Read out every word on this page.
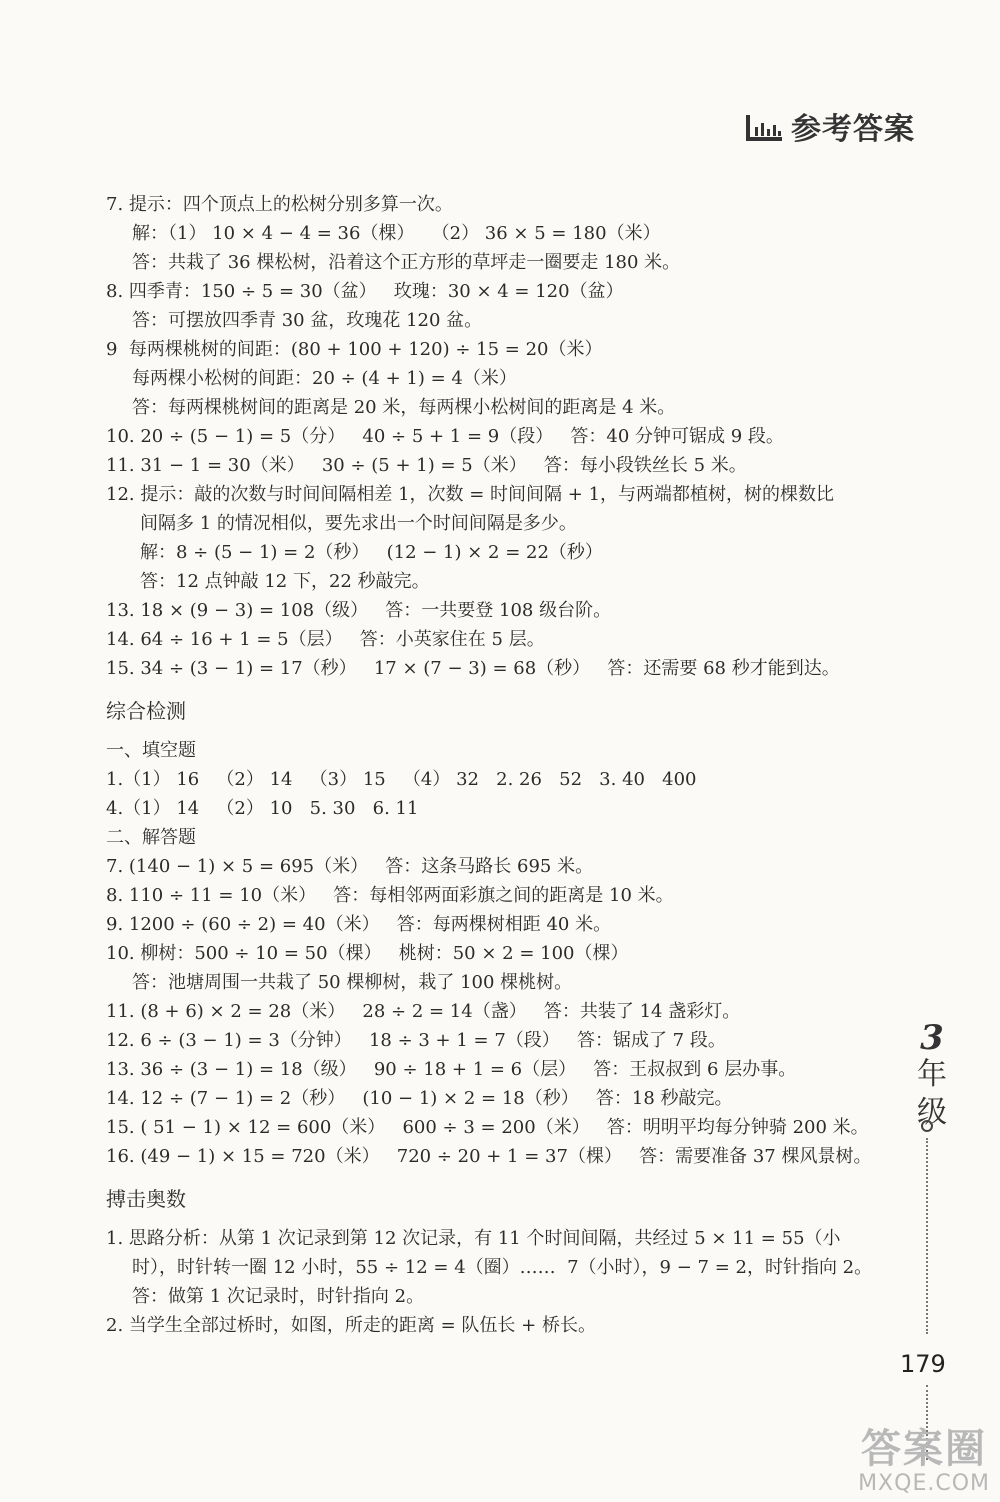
参考答案
7. 提示：四个顶点上的松树分别多算一次。
解：（1） 10 × 4 − 4 = 36（棵）   （2） 36 × 5 = 180（米）
答：共栽了 36 棵松树，沿着这个正方形的草坪走一圈要走 180 米。
8. 四季青：150 ÷ 5 = 30（盆）   玫瑰：30 × 4 = 120（盆）
答：可摆放四季青 30 盆，玫瑰花 120 盆。
9  每两棵桃树的间距：(80 + 100 + 120) ÷ 15 = 20（米）
每两棵小松树的间距：20 ÷ (4 + 1) = 4（米）
答：每两棵桃树间的距离是 20 米，每两棵小松树间的距离是 4 米。
10. 20 ÷ (5 − 1) = 5（分）   40 ÷ 5 + 1 = 9（段）   答：40 分钟可锯成 9 段。
11. 31 − 1 = 30（米）   30 ÷ (5 + 1) = 5（米）   答：每小段铁丝长 5 米。
12. 提示：敲的次数与时间间隔相差 1，次数 = 时间间隔 + 1，与两端都植树，树的棵数比
间隔多 1 的情况相似，要先求出一个时间间隔是多少。
解：8 ÷ (5 − 1) = 2（秒）   (12 − 1) × 2 = 22（秒）
答：12 点钟敲 12 下，22 秒敲完。
13. 18 × (9 − 3) = 108（级）   答：一共要登 108 级台阶。
14. 64 ÷ 16 + 1 = 5（层）   答：小英家住在 5 层。
15. 34 ÷ (3 − 1) = 17（秒）   17 × (7 − 3) = 68（秒）   答：还需要 68 秒才能到达。
综合检测
一、填空题
1.（1） 16   （2） 14   （3） 15   （4） 32   2. 26   52   3. 40   400
4.（1） 14   （2） 10   5. 30   6. 11
二、解答题
7. (140 − 1) × 5 = 695（米）   答：这条马路长 695 米。
8. 110 ÷ 11 = 10（米）   答：每相邻两面彩旗之间的距离是 10 米。
9. 1200 ÷ (60 ÷ 2) = 40（米）   答：每两棵树相距 40 米。
10. 柳树：500 ÷ 10 = 50（棵）   桃树：50 × 2 = 100（棵）
答：池塘周围一共栽了 50 棵柳树，栽了 100 棵桃树。
11. (8 + 6) × 2 = 28（米）   28 ÷ 2 = 14（盏）   答：共装了 14 盏彩灯。
12. 6 ÷ (3 − 1) = 3（分钟）   18 ÷ 3 + 1 = 7（段）   答：锯成了 7 段。
13. 36 ÷ (3 − 1) = 18（级）   90 ÷ 18 + 1 = 6（层）   答：王叔叔到 6 层办事。
14. 12 ÷ (7 − 1) = 2（秒）   (10 − 1) × 2 = 18（秒）   答：18 秒敲完。
15. ( 51 − 1) × 12 = 600（米）   600 ÷ 3 = 200（米）   答：明明平均每分钟骑 200 米。
16. (49 − 1) × 15 = 720（米）   720 ÷ 20 + 1 = 37（棵）   答：需要准备 37 棵风景树。
搏击奥数
1. 思路分析：从第 1 次记录到第 12 次记录，有 11 个时间间隔，共经过 5 × 11 = 55（小
时），时针转一圈 12 小时，55 ÷ 12 = 4（圈）……  7（小时），9 − 7 = 2，时针指向 2。
答：做第 1 次记录时，时针指向 2。
2. 当学生全部过桥时，如图，所走的距离 = 队伍长 + 桥长。
3
年
级
179
答案圈
MXQE.COM
